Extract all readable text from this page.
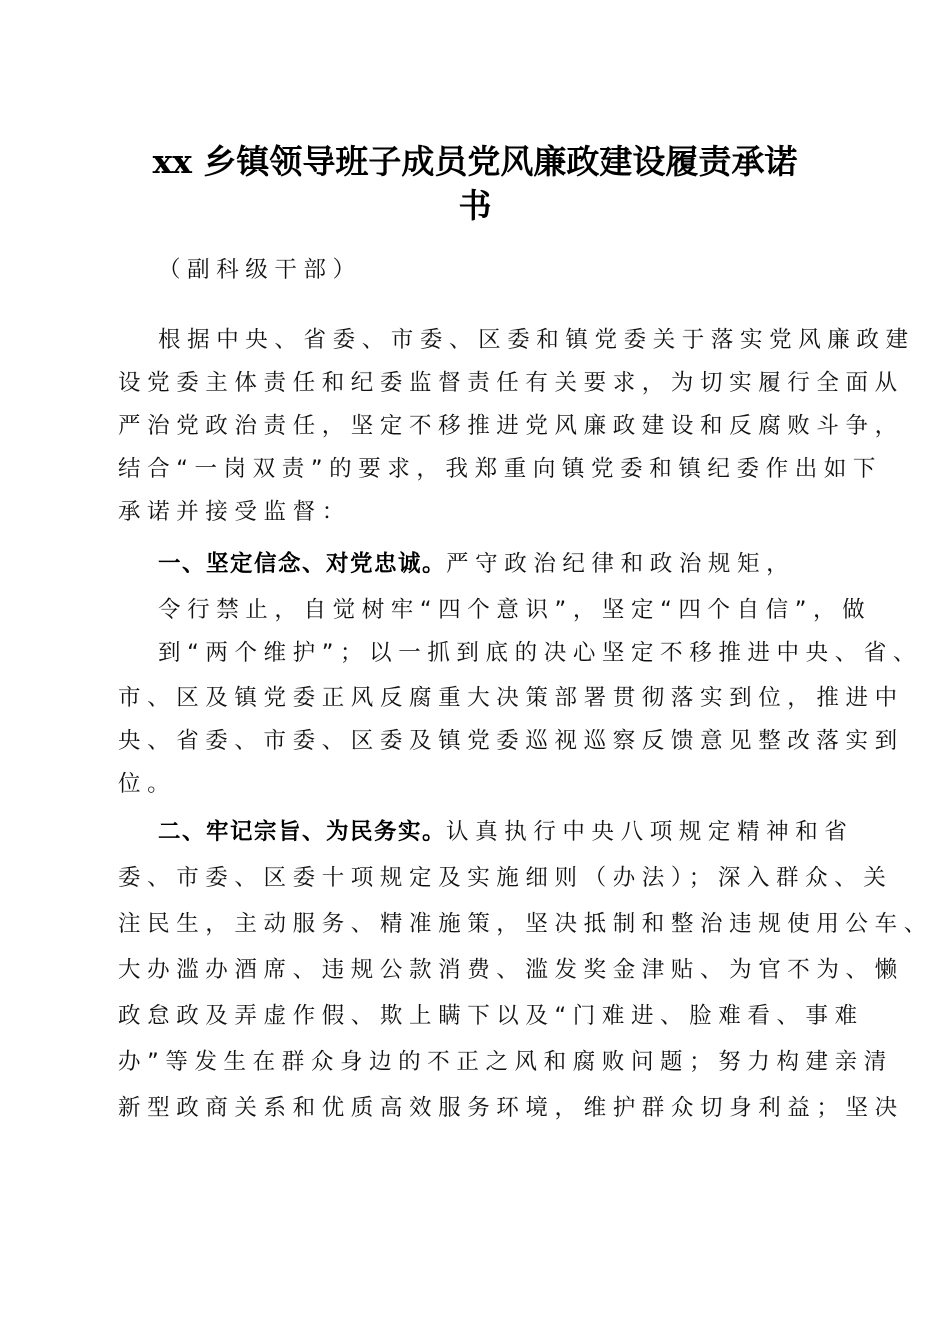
xx 乡镇领导班子成员党风廉政建设履责承诺
书
（副科级干部）
根据中央、省委、市委、区委和镇党委关于落实党风廉政建
设党委主体责任和纪委监督责任有关要求，为切实履行全面从
严治党政治责任，坚定不移推进党风廉政建设和反腐败斗争，
结合“一岗双责”的要求，我郑重向镇党委和镇纪委作出如下
承诺并接受监督：
一、坚定信念、对党忠诚。严守政治纪律和政治规矩，
令行禁止，自觉树牢“四个意识”，坚定“四个自信”，做
到“两个维护”；以一抓到底的决心坚定不移推进中央、省、
市、区及镇党委正风反腐重大决策部署贯彻落实到位，推进中
央、省委、市委、区委及镇党委巡视巡察反馈意见整改落实到
位。
二、牢记宗旨、为民务实。认真执行中央八项规定精神和省
委、市委、区委十项规定及实施细则（办法）；深入群众、关
注民生，主动服务、精准施策，坚决抵制和整治违规使用公车、
大办滥办酒席、违规公款消费、滥发奖金津贴、为官不为、懒
政怠政及弄虚作假、欺上瞒下以及“门难进、脸难看、事难
办”等发生在群众身边的不正之风和腐败问题；努力构建亲清
新型政商关系和优质高效服务环境，维护群众切身利益；坚决
